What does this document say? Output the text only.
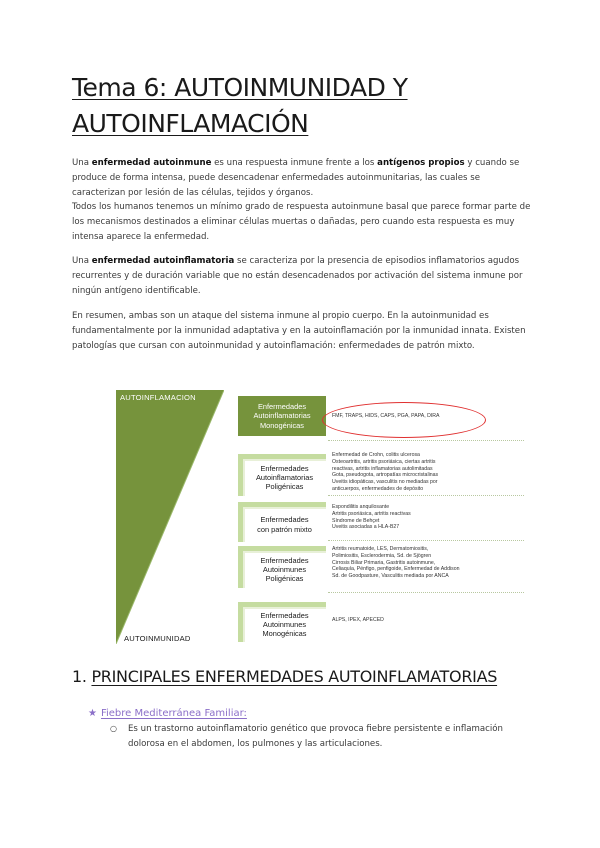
Tema 6: AUTOINMUNIDAD Y AUTOINFLAMACIÓN

Una enfermedad autoinmune es una respuesta inmune frente a los antígenos propios y cuando se produce de forma intensa, puede desencadenar enfermedades autoinmunitarias, las cuales se caracterizan por lesión de las células, tejidos y órganos.
Todos los humanos tenemos un mínimo grado de respuesta autoinmune basal que parece formar parte de los mecanismos destinados a eliminar células muertas o dañadas, pero cuando esta respuesta es muy intensa aparece la enfermedad.

Una enfermedad autoinflamatoria se caracteriza por la presencia de episodios inflamatorios agudos recurrentes y de duración variable que no están desencadenados por activación del sistema inmune por ningún antígeno identificable.

En resumen, ambas son un ataque del sistema inmune al propio cuerpo. En la autoinmunidad es fundamentalmente por la inmunidad adaptativa y en la autoinflamación por la inmunidad innata. Existen patologías que cursan con autoinmunidad y autoinflamación: enfermedades de patrón mixto.

AUTOINFLAMACION
AUTOINMUNIDAD
Enfermedades
Autoinflamatorias
Monogénicas
FMF, TRAPS, HIDS, CAPS, PGA, PAPA, DIRA
Enfermedades
Autoinflamatorias
Poligénicas
Enfermedad de Crohn, colitis ulcerosa
Osteoartritis, artritis psoriásica, ciertas artritis
reactivas, artritis inflamatorias autolimitadas
Gota, pseudogota, artropatías microcristalinas
Uveitis idiopáticas, vasculitis no mediadas por
anticuerpos, enfermedades de depósito
Enfermedades
con patrón mixto
Espondilitis anquilosante
Artritis psoriásica, artritis reactivas
Síndrome de Behçet
Uveitis asociadas a HLA-B27
Enfermedades
Autoinmunes
Poligénicas
Artritis reumatoide, LES, Dermatomiositis,
Polimiositis, Esclerodermia, Sd. de Sjögren
Cirrosis Biliar Primaria, Gastritis autoinmune,
Celiaquía, Pénfigo, penfigoide, Enfermedad de Addison
Sd. de Goodpasture, Vasculitis mediada por ANCA
Enfermedades
Autoinmunes
Monogénicas
ALPS, IPEX, APECED
1. PRINCIPALES ENFERMEDADES AUTOINFLAMATORIAS
★ Fiebre Mediterránea Familiar:
○ Es un trastorno autoinflamatorio genético que provoca fiebre persistente e inflamación dolorosa en el abdomen, los pulmones y las articulaciones.
